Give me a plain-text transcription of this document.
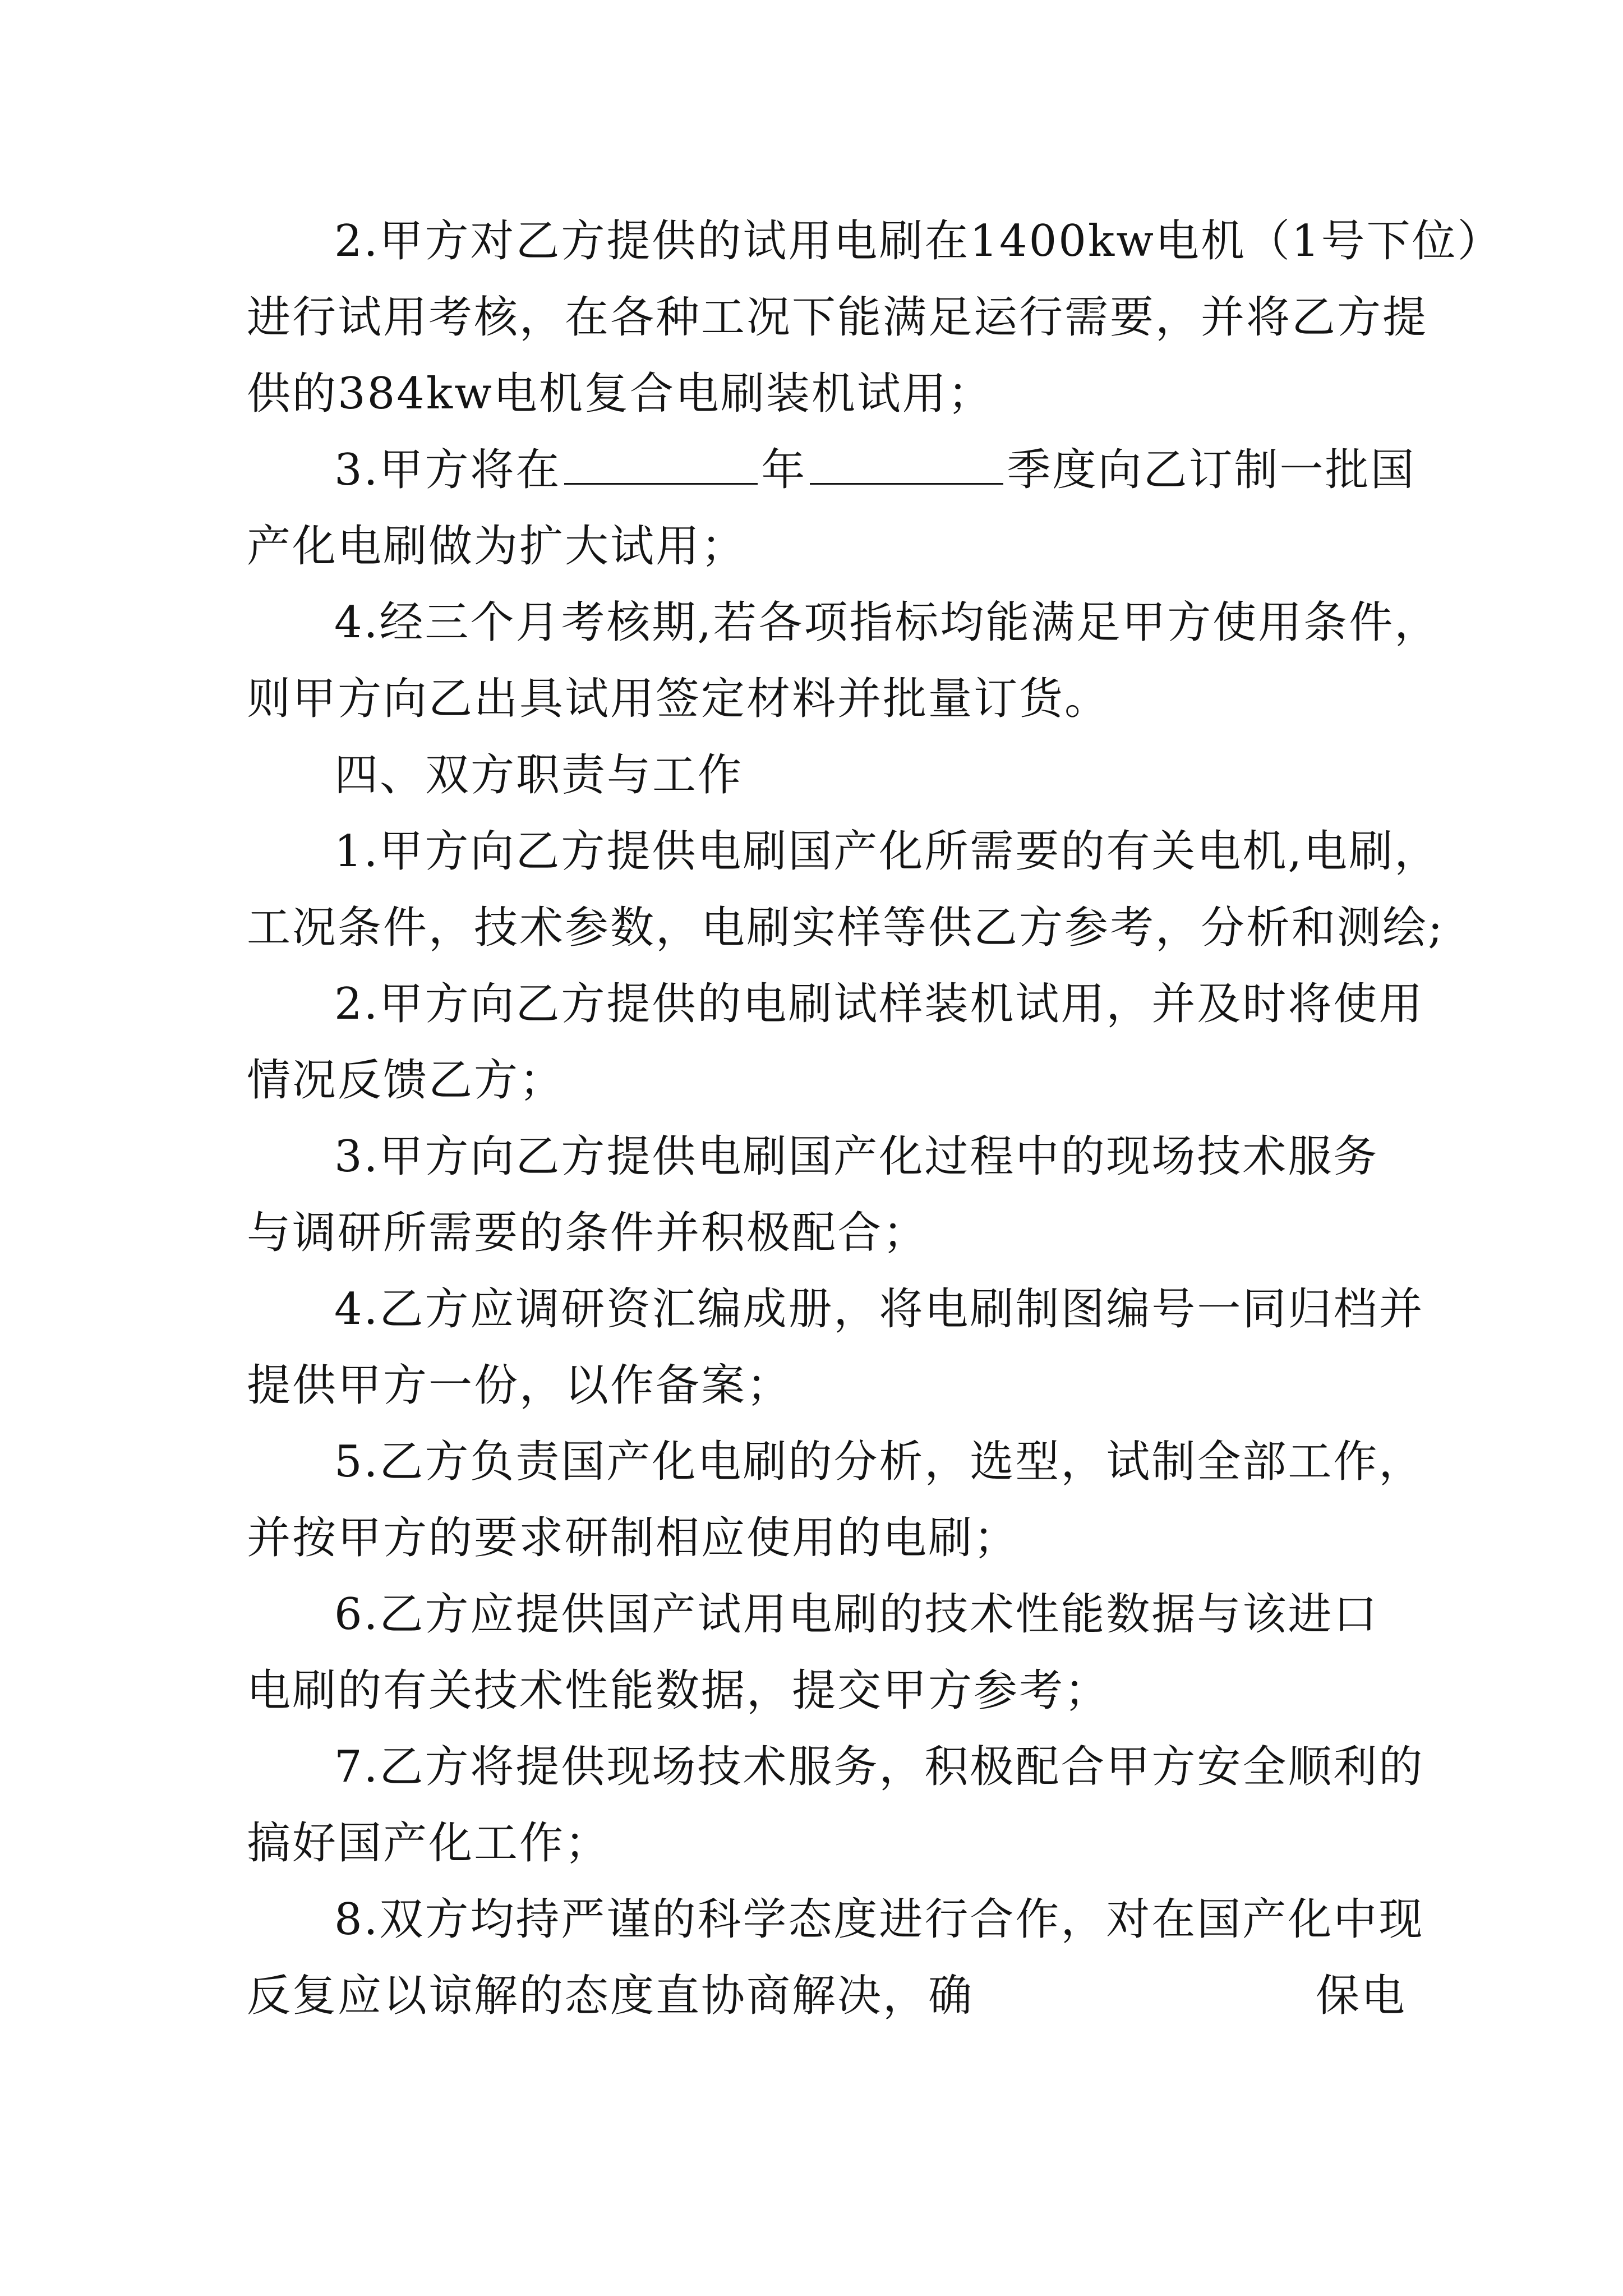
2.甲方对乙方提供的试用电刷在1400kw电机（1号下位）
进行试用考核，在各种工况下能满足运行需要，并将乙方提
供的384kw电机复合电刷装机试用；
3.甲方将在	年	季度向乙订制一批国
产化电刷做为扩大试用；
4.经三个月考核期,若各项指标均能满足甲方使用条件，
则甲方向乙出具试用签定材料并批量订货。
四、双方职责与工作
1.甲方向乙方提供电刷国产化所需要的有关电机,电刷，
工况条件，技术参数，电刷实样等供乙方参考，分析和测绘;
2.甲方向乙方提供的电刷试样装机试用，并及时将使用
情况反馈乙方；
3.甲方向乙方提供电刷国产化过程中的现场技术服务
与调研所需要的条件并积极配合；
4.乙方应调研资汇编成册，将电刷制图编号一同归档并
提供甲方一份，以作备案；
5.乙方负责国产化电刷的分析，选型，试制全部工作，
并按甲方的要求研制相应使用的电刷；
6.乙方应提供国产试用电刷的技术性能数据与该进口
电刷的有关技术性能数据，提交甲方参考；
7.乙方将提供现场技术服务，积极配合甲方安全顺利的
搞好国产化工作；
8.双方均持严谨的科学态度进行合作，对在国产化中现
反复应以谅解的态度直协商解决，确	保电
